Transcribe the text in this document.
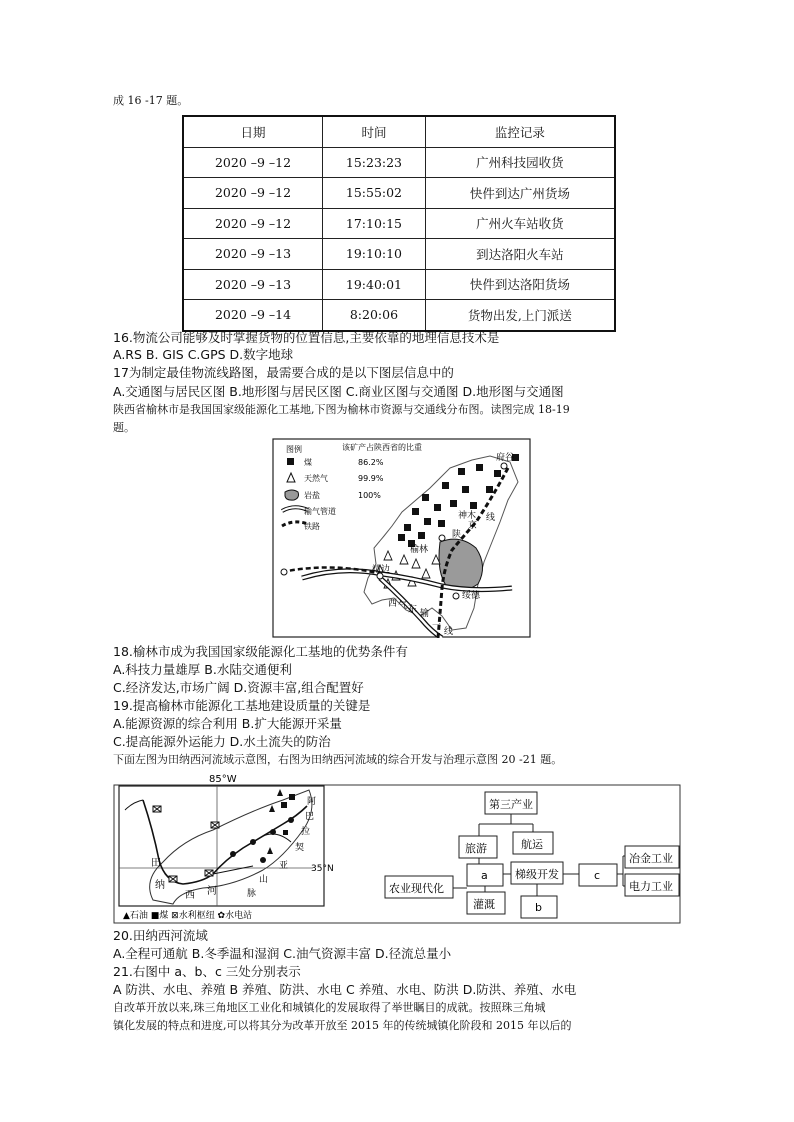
成 16 -17 题。
日期	时间	监控记录
2020 –9 –12	15:23:23	广州科技园收货
2020 –9 –12	15:55:02	快件到达广州货场
2020 –9 –12	17:10:15	广州火车站收货
2020 –9 –13	19:10:10	到达洛阳火车站
2020 –9 –13	19:40:01	快件到达洛阳货场
2020 –9 –14	8:20:06	货物出发,上门派送
16.物流公司能够及时掌握货物的位置信息,主要依靠的地理信息技术是
A.RS B. GIS C.GPS D.数字地球
17为制定最佳物流线路图，最需要合成的是以下图层信息中的
A.交通图与居民区图 B.地形图与居民区图 C.商业区图与交通图 D.地形图与交通图
陕西省榆林市是我国国家级能源化工基地,下图为榆林市资源与交通线分布图。读图完成 18-19
题。
图例	该矿产占陕西省的比重
煤	86.2%
天然气	99.9%
岩盐	100%
输气管道
铁路
府谷
神木 线
榆林
陕
京
靖边
西 气 东 输
一
线
绥德
18.榆林市成为我国国家级能源化工基地的优势条件有
A.科技力量雄厚 B.水陆交通便利
C.经济发达,市场广阔 D.资源丰富,组合配置好
19.提高榆林市能源化工基地建设质量的关键是
A.能源资源的综合利用 B.扩大能源开采量
C.提高能源外运能力 D.水土流失的防治
下面左图为田纳西河流域示意图，右图为田纳西河流域的综合开发与治理示意图 20 -21 题。
85°W
35°N
阿
巴
拉
契
亚
山
脉
田
纳
西 河
▲石油 ■煤 ⊠水利枢纽 ✿水电站
第三产业
旅游	航运
a 梯级开发	c
农业现代化
灌溉	b
冶金工业
电力工业
20.田纳西河流域
A.全程可通航 B.冬季温和湿润 C.油气资源丰富 D.径流总量小
21.右图中 a、b、c 三处分别表示
A 防洪、水电、养殖 B 养殖、防洪、水电 C 养殖、水电、防洪 D.防洪、养殖、水电
自改革开放以来,珠三角地区工业化和城镇化的发展取得了举世瞩目的成就。按照珠三角城
镇化发展的特点和进度,可以将其分为改革开放至 2015 年的传统城镇化阶段和 2015 年以后的
